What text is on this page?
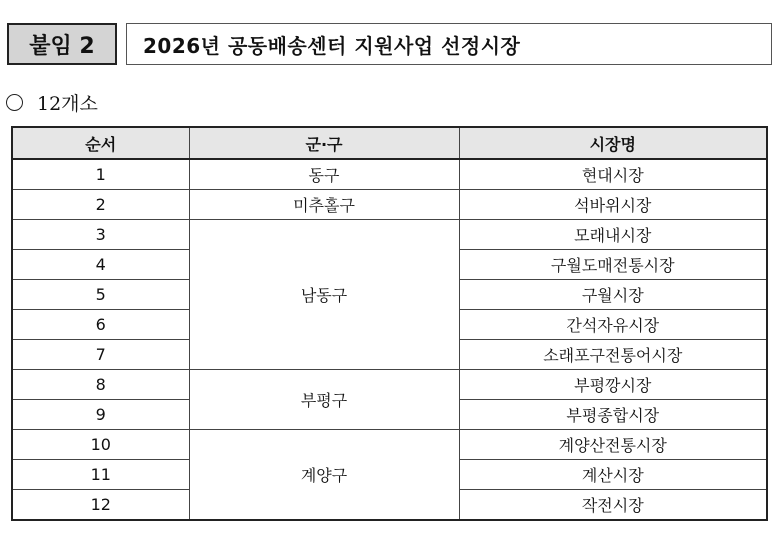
붙임 2	2026년 공동배송센터 지원사업 선정시장
12개소
순서	군·구	시장명
1	동구	현대시장
2	미추홀구	석바위시장
3	남동구	모래내시장
4		구월도매전통시장
5		구월시장
6		간석자유시장
7		소래포구전통어시장
8	부평구	부평깡시장
9		부평종합시장
10	계양구	계양산전통시장
11		계산시장
12		작전시장
